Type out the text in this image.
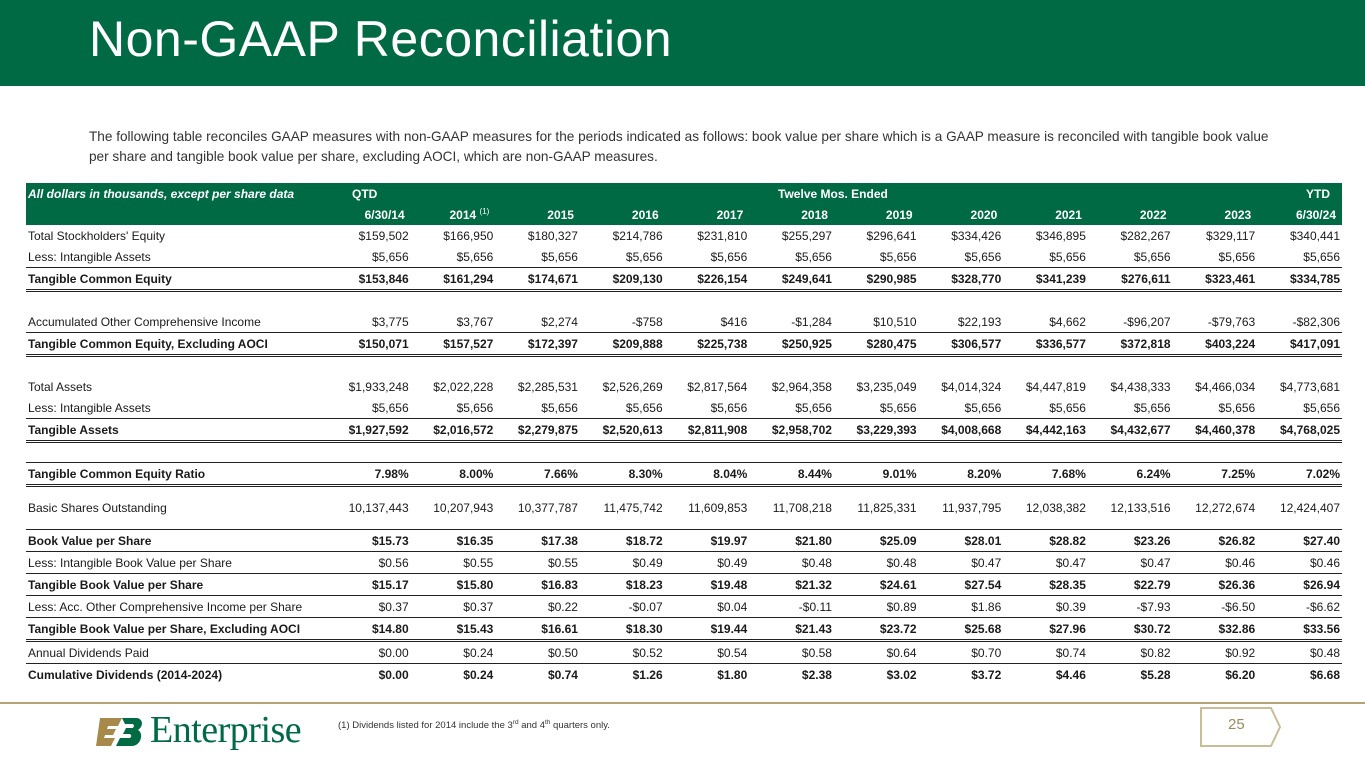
Non-GAAP Reconciliation
The following table reconciles GAAP measures with non-GAAP measures for the periods indicated as follows: book value per share which is a GAAP measure is reconciled with tangible book value per share and tangible book value per share, excluding AOCI, which are non-GAAP measures.
All dollars in thousands, except per share data	QTD	Twelve Mos. Ended										YTD
	6/30/14	2014 $^{(1)}$	2015	2016	2017	2018	2019	2020	2021	2022	2023	6/30/24
Total Stockholders' Equity	$159,502	$166,950	$180,327	$214,786	$231,810	$255,297	$296,641	$334,426	$346,895	$282,267	$329,117	$340,441
Less: Intangible Assets	$5,656	$5,656	$5,656	$5,656	$5,656	$5,656	$5,656	$5,656	$5,656	$5,656	$5,656	$5,656
Tangible Common Equity	$153,846	$161,294	$174,671	$209,130	$226,154	$249,641	$290,985	$328,770	$341,239	$276,611	$323,461	$334,785

Accumulated Other Comprehensive Income	$3,775	$3,767	$2,274	-$758	$416	-$1,284	$10,510	$22,193	$4,662	-$96,207	-$79,763	-$82,306
Tangible Common Equity, Excluding AOCI	$150,071	$157,527	$172,397	$209,888	$225,738	$250,925	$280,475	$306,577	$336,577	$372,818	$403,224	$417,091

Total Assets	$1,933,248	$2,022,228	$2,285,531	$2,526,269	$2,817,564	$2,964,358	$3,235,049	$4,014,324	$4,447,819	$4,438,333	$4,466,034	$4,773,681
Less: Intangible Assets	$5,656	$5,656	$5,656	$5,656	$5,656	$5,656	$5,656	$5,656	$5,656	$5,656	$5,656	$5,656
Tangible Assets	$1,927,592	$2,016,572	$2,279,875	$2,520,613	$2,811,908	$2,958,702	$3,229,393	$4,008,668	$4,442,163	$4,432,677	$4,460,378	$4,768,025

Tangible Common Equity Ratio	7.98%	8.00%	7.66%	8.30%	8.04%	8.44%	9.01%	8.20%	7.68%	6.24%	7.25%	7.02%
Basic Shares Outstanding	10,137,443	10,207,943	10,377,787	11,475,742	11,609,853	11,708,218	11,825,331	11,937,795	12,038,382	12,133,516	12,272,674	12,424,407
Book Value per Share	$15.73	$16.35	$17.38	$18.72	$19.97	$21.80	$25.09	$28.01	$28.82	$23.26	$26.82	$27.40
Less: Intangible Book Value per Share	$0.56	$0.55	$0.55	$0.49	$0.49	$0.48	$0.48	$0.47	$0.47	$0.47	$0.46	$0.46
Tangible Book Value per Share	$15.17	$15.80	$16.83	$18.23	$19.48	$21.32	$24.61	$27.54	$28.35	$22.79	$26.36	$26.94
Less: Acc. Other Comprehensive Income per Share	$0.37	$0.37	$0.22	-$0.07	$0.04	-$0.11	$0.89	$1.86	$0.39	-$7.93	-$6.50	-$6.62
Tangible Book Value per Share, Excluding AOCI	$14.80	$15.43	$16.61	$18.30	$19.44	$21.43	$23.72	$25.68	$27.96	$30.72	$32.86	$33.56
Annual Dividends Paid	$0.00	$0.24	$0.50	$0.52	$0.54	$0.58	$0.64	$0.70	$0.74	$0.82	$0.92	$0.48
Cumulative Dividends (2014-2024)	$0.00	$0.24	$0.74	$1.26	$1.80	$2.38	$3.02	$3.72	$4.46	$5.28	$6.20	$6.68
Enterprise	(1) Dividends listed for 2014 include the 3rd and 4th quarters only.	25
